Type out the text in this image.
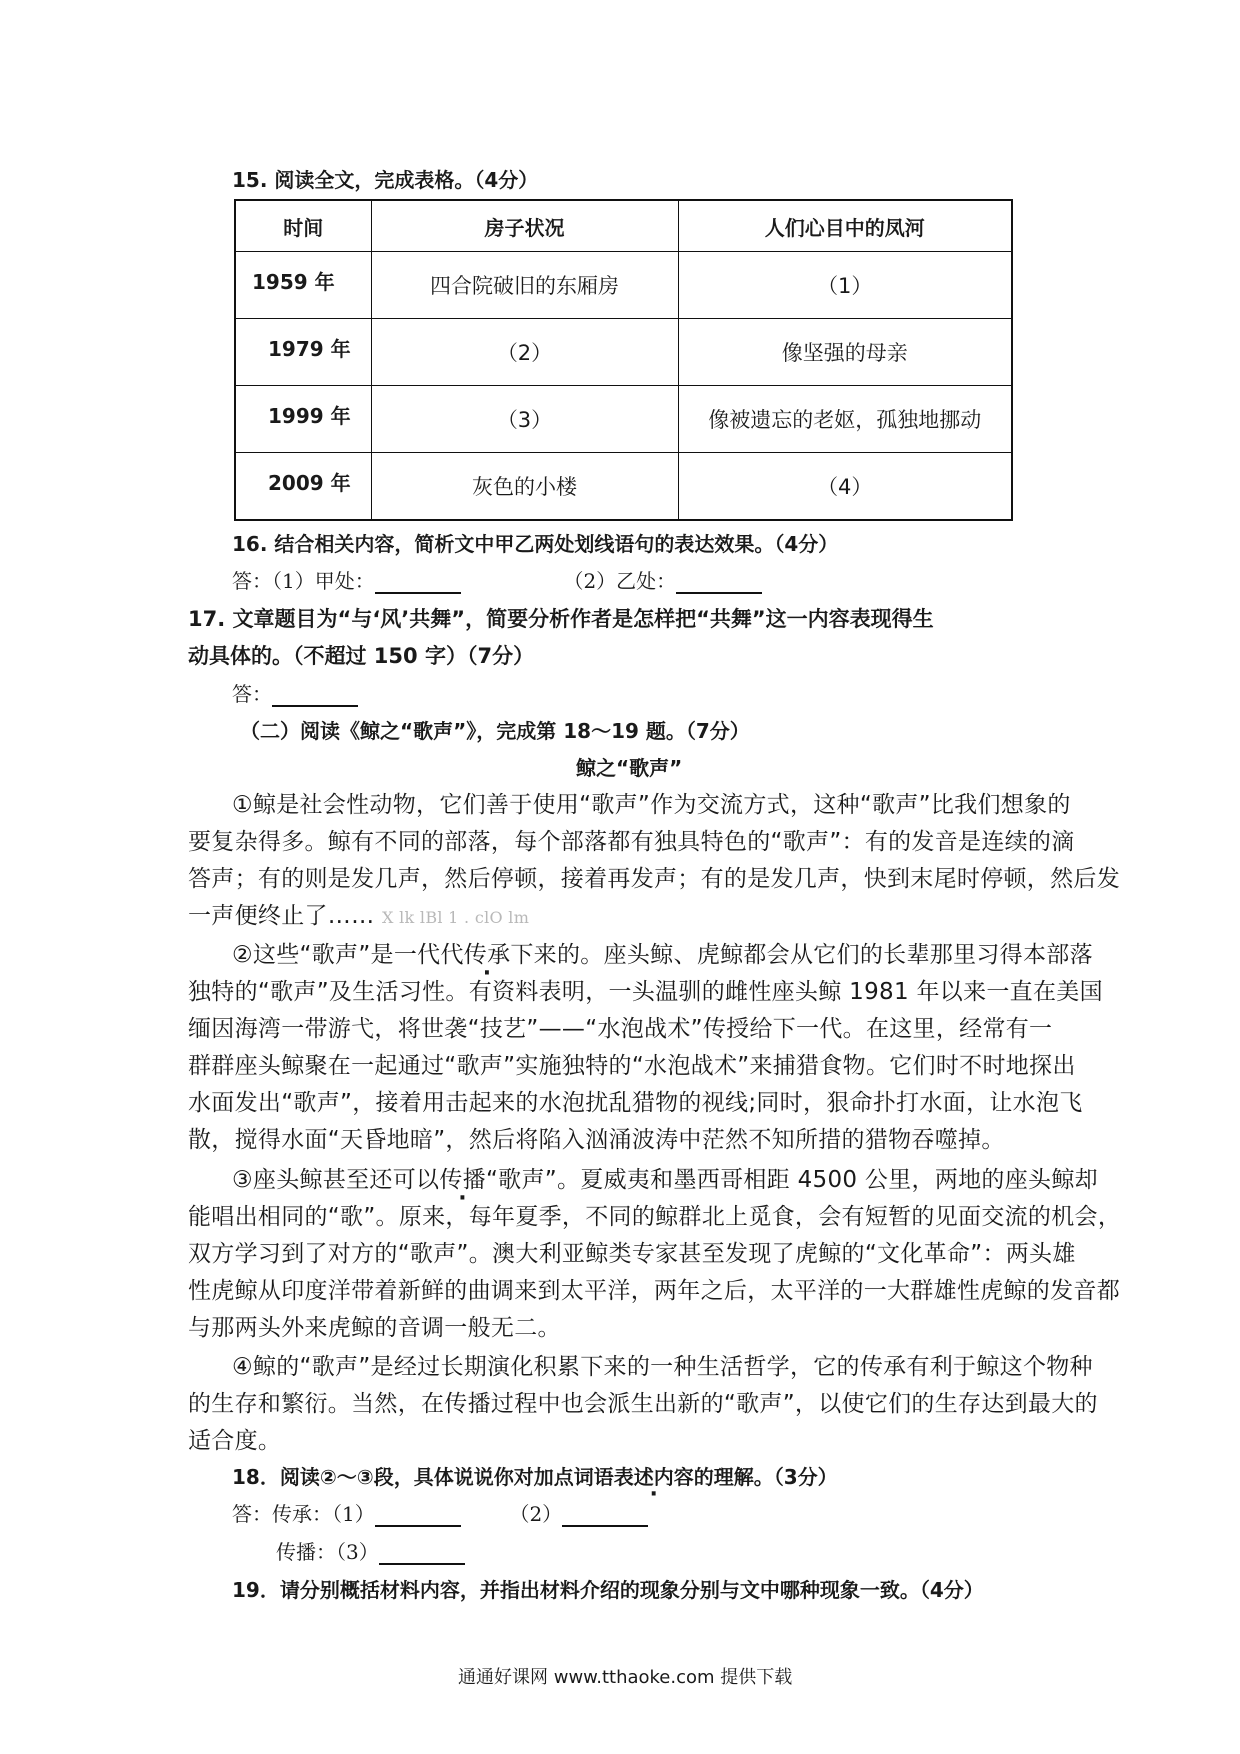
15. 阅读全文，完成表格。（4分）
时间	房子状况	人们心目中的凤河
1959 年	四合院破旧的东厢房	（1）
1979 年	（2）	像坚强的母亲
1999 年	（3）	像被遗忘的老妪，孤独地挪动
2009 年	灰色的小楼	（4）
16. 结合相关内容，简析文中甲乙两处划线语句的表达效果。（4分）
答：（1）甲处：	（2）乙处：
17. 文章题目为“与‘风’共舞”，简要分析作者是怎样把“共舞”这一内容表现得生
动具体的。（不超过 150 字）（7分）
答：
（二）阅读《鲸之“歌声”》，完成第 18～19 题。（7分）
鲸之“歌声”
①鲸是社会性动物，它们善于使用“歌声”作为交流方式，这种“歌声”比我们想象的
要复杂得多。鲸有不同的部落，每个部落都有独具特色的“歌声”：有的发音是连续的滴
答声；有的则是发几声，然后停顿，接着再发声；有的是发几声，快到末尾时停顿，然后发
一声便终止了…… X lk lBl 1 . clO lm
②这些“歌声”是一代代传承下来的。座头鲸、虎鲸都会从它们的长辈那里习得本部落
独特的“歌声”及生活习性。有资料表明，一头温驯的雌性座头鲸 1981 年以来一直在美国
缅因海湾一带游弋，将世袭“技艺”——“水泡战术”传授给下一代。在这里，经常有一
群群座头鲸聚在一起通过“歌声”实施独特的“水泡战术”来捕猎食物。它们时不时地探出
水面发出“歌声”，接着用击起来的水泡扰乱猎物的视线;同时，狠命扑打水面，让水泡飞
散，搅得水面“天昏地暗”，然后将陷入汹涌波涛中茫然不知所措的猎物吞噬掉。
③座头鲸甚至还可以传播“歌声”。夏威夷和墨西哥相距 4500 公里，两地的座头鲸却
能唱出相同的“歌”。原来，每年夏季，不同的鲸群北上觅食，会有短暂的见面交流的机会，
双方学习到了对方的“歌声”。澳大利亚鲸类专家甚至发现了虎鲸的“文化革命”：两头雄
性虎鲸从印度洋带着新鲜的曲调来到太平洋，两年之后，太平洋的一大群雄性虎鲸的发音都
与那两头外来虎鲸的音调一般无二。
④鲸的“歌声”是经过长期演化积累下来的一种生活哲学，它的传承有利于鲸这个物种
的生存和繁衍。当然，在传播过程中也会派生出新的“歌声”，以使它们的生存达到最大的
适合度。
18．阅读②～③段，具体说说你对加点词语表述内容的理解。（3分）
答：传承：（1）	（2）
传播：（3）
19．请分别概括材料内容，并指出材料介绍的现象分别与文中哪种现象一致。（4分）
通通好课网 www.tthaoke.com 提供下载
